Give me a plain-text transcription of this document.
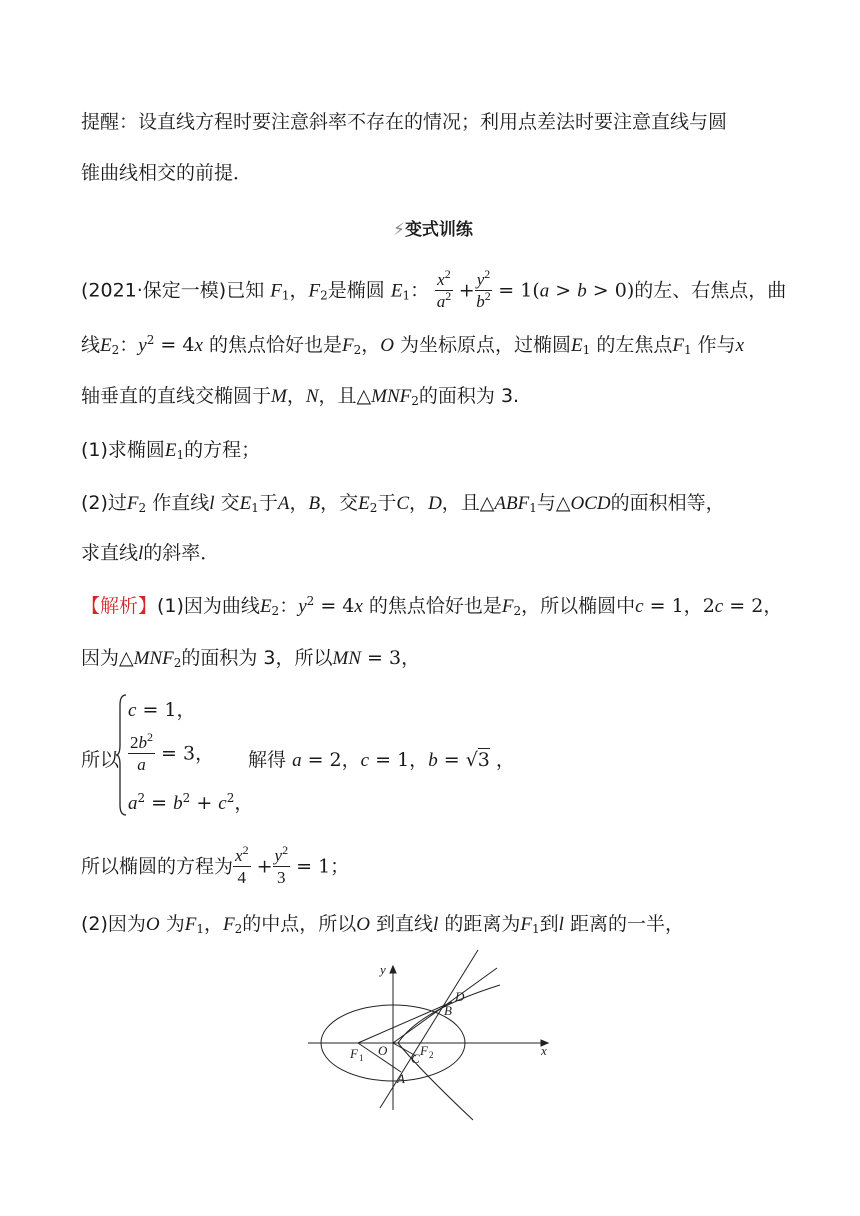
提醒：设直线方程时要注意斜率不存在的情况；利用点差法时要注意直线与圆
锥曲线相交的前提．
⚡变式训练
(2021·保定一模)已知 $F_1$，$F_2$是椭圆 $E_1$： $\frac{x^2}{a^2} + \frac{y^2}{b^2} = 1(a > b > 0)$的左、右焦点，曲
线$E_2$：$y^2 = 4x$ 的焦点恰好也是$F_2$，O 为坐标原点，过椭圆$E_1$ 的左焦点$F_1$ 作与x
轴垂直的直线交椭圆于M，N，且$\triangle MNF_2$的面积为 3.
(1)求椭圆$E_1$的方程；
(2)过$F_2$ 作直线l 交$E_1$于A，B，交$E_2$于C，D，且$\triangle ABF_1$与△OCD的面积相等，
求直线l的斜率．
【解析】(1)因为曲线$E_2$：$y^2 = 4x$ 的焦点恰好也是$F_2$，所以椭圆中c = 1，2c = 2，
因为$\triangle MNF_2$的面积为 3，所以MN = 3，
所以
c = 1，
$\frac{2b^2}{a} = 3$，
$a^2 = b^2 + c^2$，
解得 a = 2，c = 1，b = √3 ，
所以椭圆的方程为 $\frac{x^2}{4} + \frac{y^2}{3} = 1$；
(2)因为O 为$F_1$，$F_2$的中点，所以O 到直线l 的距离为$F_1$到l 距离的一半，
y
x
O
F 1	F 2
A
B
C
D
